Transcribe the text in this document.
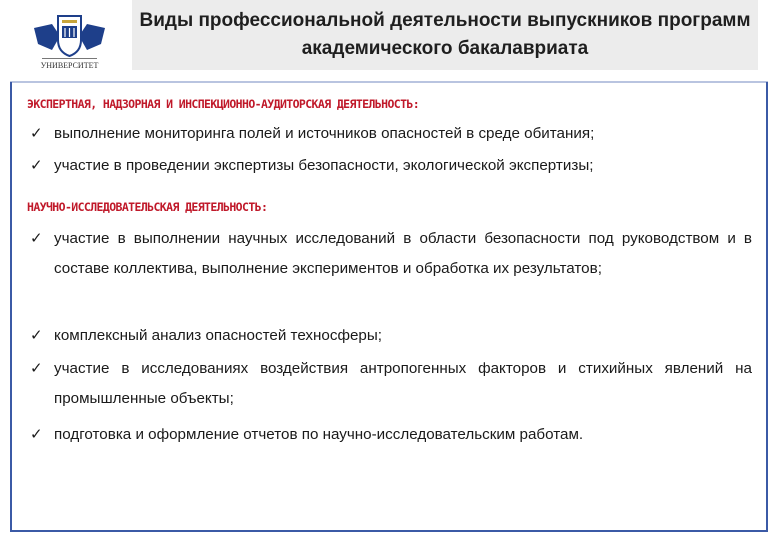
УНИВЕРСИТЕТ
Виды профессиональной деятельности выпускников программ академического бакалавриата
ЭКСПЕРТНАЯ, НАДЗОРНАЯ И ИНСПЕКЦИОННО-АУДИТОРСКАЯ ДЕЯТЕЛЬНОСТЬ:
✓ выполнение мониторинга полей и источников опасностей в среде обитания;
✓ участие в проведении экспертизы безопасности, экологической экспертизы;
НАУЧНО-ИССЛЕДОВАТЕЛЬСКАЯ ДЕЯТЕЛЬНОСТЬ:
✓ участие в выполнении научных исследований в области безопасности под руководством и в составе коллектива, выполнение экспериментов и обработка их результатов;
✓ комплексный анализ опасностей техносферы;
✓ участие в исследованиях воздействия антропогенных факторов и стихийных явлений на промышленные объекты;
✓ подготовка и оформление отчетов по научно-исследовательским работам.
